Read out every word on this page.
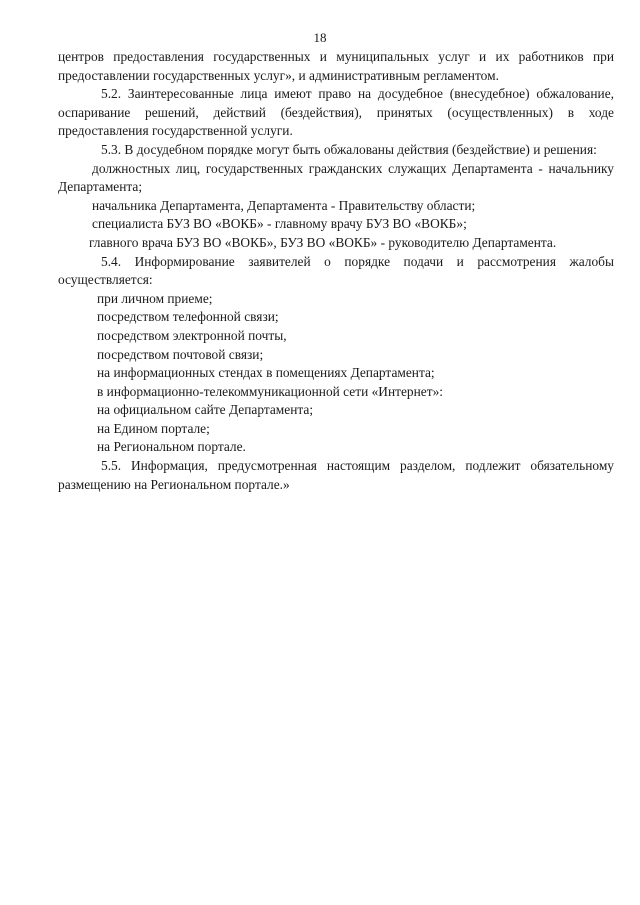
18

центров предоставления государственных и муниципальных услуг и их работников при предоставлении государственных услуг», и административным регламентом.

5.2. Заинтересованные лица имеют право на досудебное (внесудебное) обжалование, оспаривание решений, действий (бездействия), принятых (осуществленных) в ходе предоставления государственной услуги.

5.3. В досудебном порядке могут быть обжалованы действия (бездействие) и решения:

должностных лиц, государственных гражданских служащих Департамента - начальнику Департамента;

начальника Департамента, Департамента - Правительству области;

специалиста БУЗ ВО «ВОКБ» - главному врачу БУЗ ВО «ВОКБ»;

главного врача БУЗ ВО «ВОКБ», БУЗ ВО «ВОКБ» - руководителю Департамента.

5.4. Информирование заявителей о порядке подачи и рассмотрения жалобы осуществляется:

при личном приеме;

посредством телефонной связи;

посредством электронной почты,

посредством почтовой связи;

на информационных стендах в помещениях Департамента;

в информационно-телекоммуникационной сети «Интернет»:

на официальном сайте Департамента;

на Едином портале;

на Региональном портале.

5.5. Информация, предусмотренная настоящим разделом, подлежит обязательному размещению на Региональном портале.»
